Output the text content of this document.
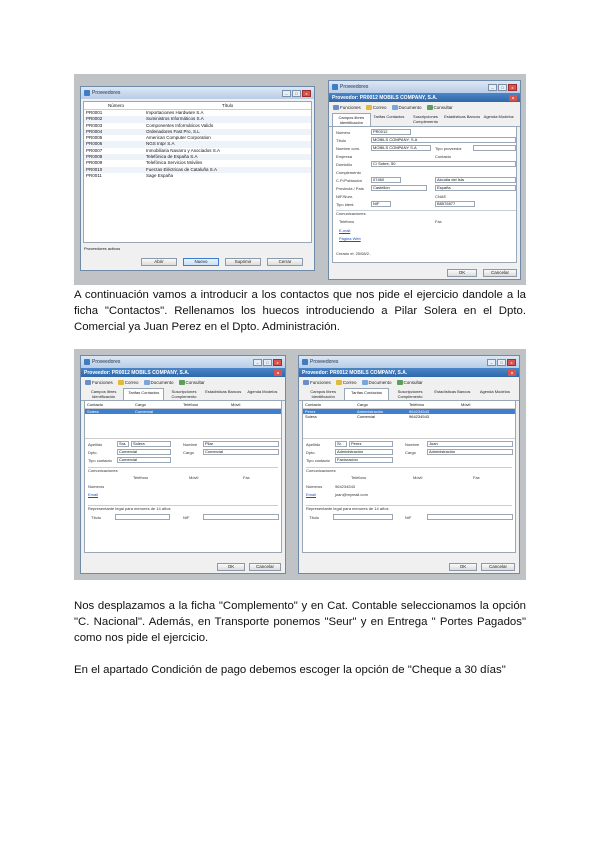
Proveedores	–	□	x
Número	Título
PR0001	Importaciones Hardware S.A
PR0002	Suministros Informáticos S.A
PR0003	Componentes Informáticos Valido
PR0004	Ordenadores Fast Pro, S.L
PR0005	American Computer Corporation
PR0006	NGS Intpr S.A
PR0007	Inmobiliaria Navarro y Asociados S.A
PR0008	Telefónica de España S.A
PR0009	Telefónica Servicios Móviles
PR0010	Fuerzas Eléctricas de Cataluña S.A
PR0011	Sage España
Proveedores activos
Abrir	Nuevo	Suprimir	Cerrar
Proveedores	–	□	x
Proveedor: PR0012 MOBILS COMPANY, S.A.	x
Funciones	Correo	Documento	Consultar
Campos libres Identificación
Tarifas Contactos	Suscripciones Complemento
Estadísticas Bancos Agenda Modelos
Número	PR0012
Título	MOBILS COMPANY, S.A
Nombre com.	MOBILS COMPANY S.A	Tipo proveedor
Empresa	Contacto
Domicilio	C/ Sobre, 50
Complemento
C.P./Población	07460	Alcúdia del Isla
Provincia / País	Castellón	España
NIF/Num.	CNAE
Tipo ident.	NIF	B8576577
Comunicaciones
Teléfono	Fax
E-mail
Página Web
Creado el: 25/08/2..
OK	Cancelar
A continuación vamos a introducir a los contactos que nos pide el ejercicio dandole a la ficha "Contactos". Rellenamos los huecos introduciendo a Pilar Solera en el Dpto. Comercial ya Juan Perez en el Dpto. Administración.
Proveedores	–	□	x
Proveedor: PR0012 MOBILS COMPANY, S.A.	x
Funciones	Correo	Documento	Consultar
Campos libres Identificación
Tarifas Contactos	Suscripciones Complemento
Estadísticas Bancos	Agenda Modelos
Contacto	Cargo	Teléfono	Móvil
Solera	Comercial
Apellido	Sra.	Solera	Nombre	Pilar
Dpto.	Comercial	Cargo	Comercial
Tipo contacto	Comercial
Comunicaciones
Teléfono	Móvil	Fax
Números
Email
Representante legal para menores de 14 años
Título	NIF
OK	Cancelar
Proveedores	–	□	x
Proveedor: PR0012 MOBILS COMPANY, S.A.	x
Funciones	Correo	Documento	Consultar
Campos libres Identificación
Tarifas Contactos	Suscripciones Complemento
Estadísticas Bancos	Agenda Modelos
Contacto	Cargo	Teléfono	Móvil
Perez	Administración	964234543
Solera	Comercial	964234543
Apellido	Sr.	Perez	Nombre	Juan
Dpto.	Administración	Cargo	Administración
Tipo contacto	Facturación
Comunicaciones
Teléfono	Móvil	Fax
Números	964234543
Email	juan@mymail.com
Representante legal para menores de 14 años
Título	NIF
OK	Cancelar
Nos desplazamos a la ficha "Complemento" y en Cat. Contable seleccionamos la opción "C. Nacional". Además, en Transporte ponemos "Seur" y en Entrega " Portes Pagados" como nos pide el ejercicio.
En el apartado Condición de pago debemos escoger la opción de "Cheque a 30 días"
